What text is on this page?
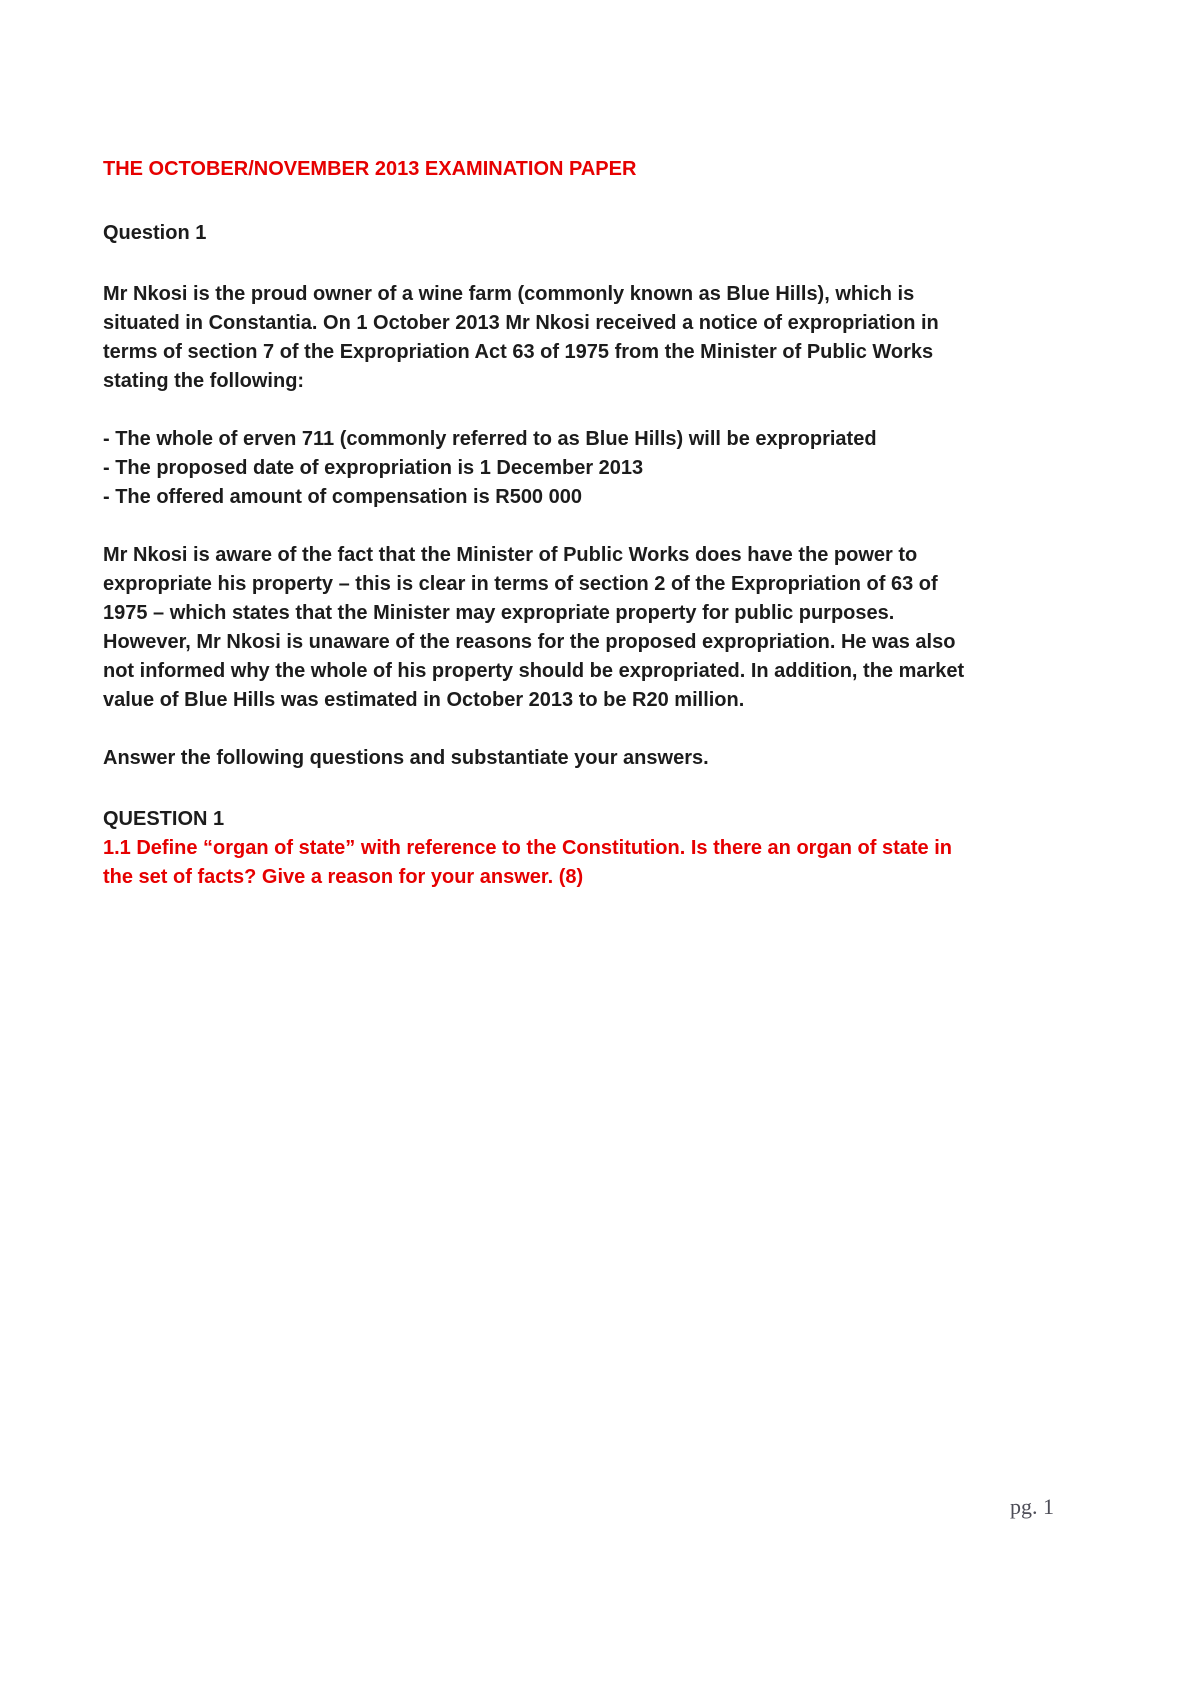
THE OCTOBER/NOVEMBER 2013 EXAMINATION PAPER

Question 1

Mr Nkosi is the proud owner of a wine farm (commonly known as Blue Hills), which is situated in Constantia. On 1 October 2013 Mr Nkosi received a notice of expropriation in terms of section 7 of the Expropriation Act 63 of 1975 from the Minister of Public Works stating the following:

- The whole of erven 711 (commonly referred to as Blue Hills) will be expropriated

- The proposed date of expropriation is 1 December 2013

- The offered amount of compensation is R500 000

Mr Nkosi is aware of the fact that the Minister of Public Works does have the power to expropriate his property – this is clear in terms of section 2 of the Expropriation of 63 of 1975 – which states that the Minister may expropriate property for public purposes. However, Mr Nkosi is unaware of the reasons for the proposed expropriation. He was also not informed why the whole of his property should be expropriated. In addition, the market value of Blue Hills was estimated in October 2013 to be R20 million.

Answer the following questions and substantiate your answers.

QUESTION 1

1.1 Define “organ of state” with reference to the Constitution. Is there an organ of state in the set of facts? Give a reason for your answer. (8)

pg. 1
